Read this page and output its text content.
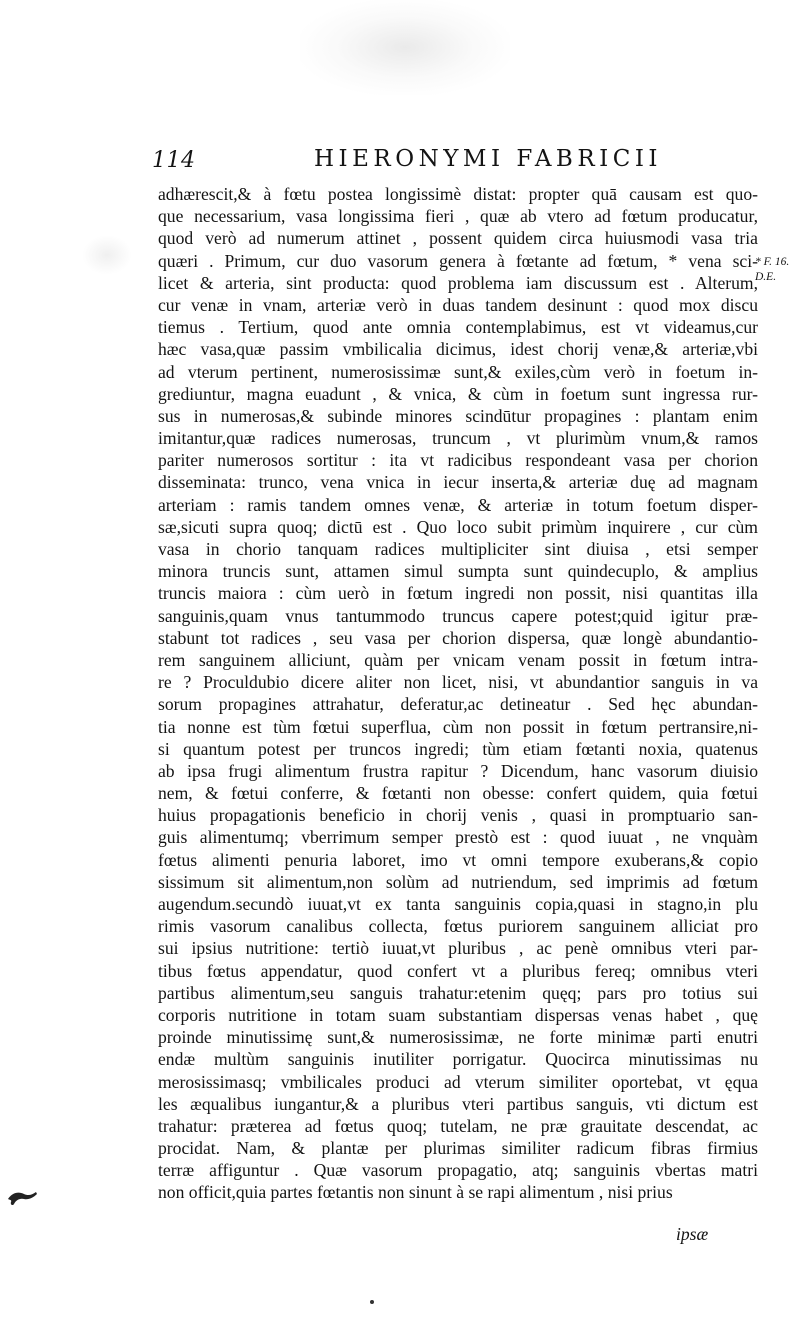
114	HIERONYMI FABRICII
adhærescit,& à fœtu postea longissimè distat: propter quā causam est quo-
que necessarium, vasa longissima fieri , quæ ab vtero ad fœtum producatur,
quod verò ad numerum attinet , possent quidem circa huiusmodi vasa tria
quæri . Primum, cur duo vasorum genera à fœtante ad fœtum, * vena sci-
licet & arteria, sint producta: quod problema iam discussum est . Alterum,
cur venæ in vnam, arteriæ verò in duas tandem desinunt : quod mox discu
tiemus . Tertium, quod ante omnia contemplabimus, est vt videamus,cur
hæc vasa,quæ passim vmbilicalia dicimus, idest chorij venæ,& arteriæ,vbi
ad vterum pertinent, numerosissimæ sunt,& exiles,cùm verò in foetum in-
grediuntur, magna euadunt , & vnica, & cùm in foetum sunt ingressa rur-
sus in numerosas,& subinde minores scindūtur propagines : plantam enim
imitantur,quæ radices numerosas, truncum , vt plurimùm vnum,& ramos
pariter numerosos sortitur : ita vt radicibus respondeant vasa per chorion
disseminata: trunco, vena vnica in iecur inserta,& arteriæ duę ad magnam
arteriam : ramis tandem omnes venæ, & arteriæ in totum foetum disper-
sæ,sicuti supra quoq; dictū est . Quo loco subit primùm inquirere , cur cùm
vasa in chorio tanquam radices multipliciter sint diuisa , etsi semper
minora truncis sunt, attamen simul sumpta sunt quindecuplo, & amplius
truncis maiora : cùm uerò in fœtum ingredi non possit, nisi quantitas illa
sanguinis,quam vnus tantummodo truncus capere potest;quid igitur præ-
stabunt tot radices , seu vasa per chorion dispersa, quæ longè abundantio-
rem sanguinem alliciunt, quàm per vnicam venam possit in fœtum intra-
re ? Proculdubio dicere aliter non licet, nisi, vt abundantior sanguis in va
sorum propagines attrahatur, deferatur,ac detineatur . Sed hęc abundan-
tia nonne est tùm fœtui superflua, cùm non possit in fœtum pertransire,ni-
si quantum potest per truncos ingredi; tùm etiam fœtanti noxia, quatenus
ab ipsa frugi alimentum frustra rapitur ? Dicendum, hanc vasorum diuisio
nem, & fœtui conferre, & fœtanti non obesse: confert quidem, quia fœtui
huius propagationis beneficio in chorij venis , quasi in promptuario san-
guis alimentumq; vberrimum semper prestò est : quod iuuat , ne vnquàm
fœtus alimenti penuria laboret, imo vt omni tempore exuberans,& copio
sissimum sit alimentum,non solùm ad nutriendum, sed imprimis ad fœtum
augendum.secundò iuuat,vt ex tanta sanguinis copia,quasi in stagno,in plu
rimis vasorum canalibus collecta, fœtus puriorem sanguinem alliciat pro
sui ipsius nutritione: tertiò iuuat,vt pluribus , ac penè omnibus vteri par-
tibus fœtus appendatur, quod confert vt a pluribus fereq; omnibus vteri
partibus alimentum,seu sanguis trahatur:etenim quęq; pars pro totius sui
corporis nutritione in totam suam substantiam dispersas venas habet , quę
proinde minutissimę sunt,& numerosissimæ, ne forte minimæ parti enutri
endæ multùm sanguinis inutiliter porrigatur. Quocirca minutissimas nu
merosissimasq; vmbilicales produci ad vterum similiter oportebat, vt ęqua
les æqualibus iungantur,& a pluribus vteri partibus sanguis, vti dictum est
trahatur: præterea ad fœtus quoq; tutelam, ne præ grauitate descendat, ac
procidat. Nam, & plantæ per plurimas similiter radicum fibras firmius
terræ affiguntur . Quæ vasorum propagatio, atq; sanguinis vbertas matri
non officit,quia partes fœtantis non sinunt à se rapi alimentum , nisi prius
* F. 16.
D.E.
ipsæ
